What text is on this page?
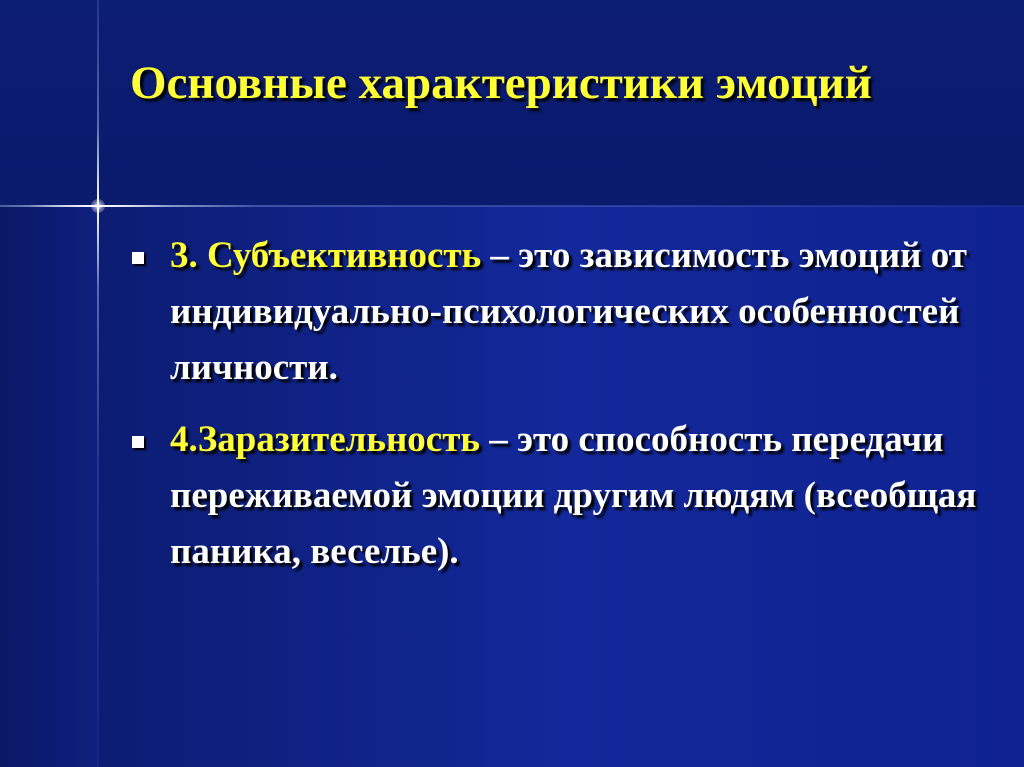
Основные характеристики эмоций
3. Субъективность – это зависимость эмоций от индивидуально-психологических особенностей личности.
4.Заразительность – это способность передачи переживаемой эмоции другим людям (всеобщая паника, веселье).
